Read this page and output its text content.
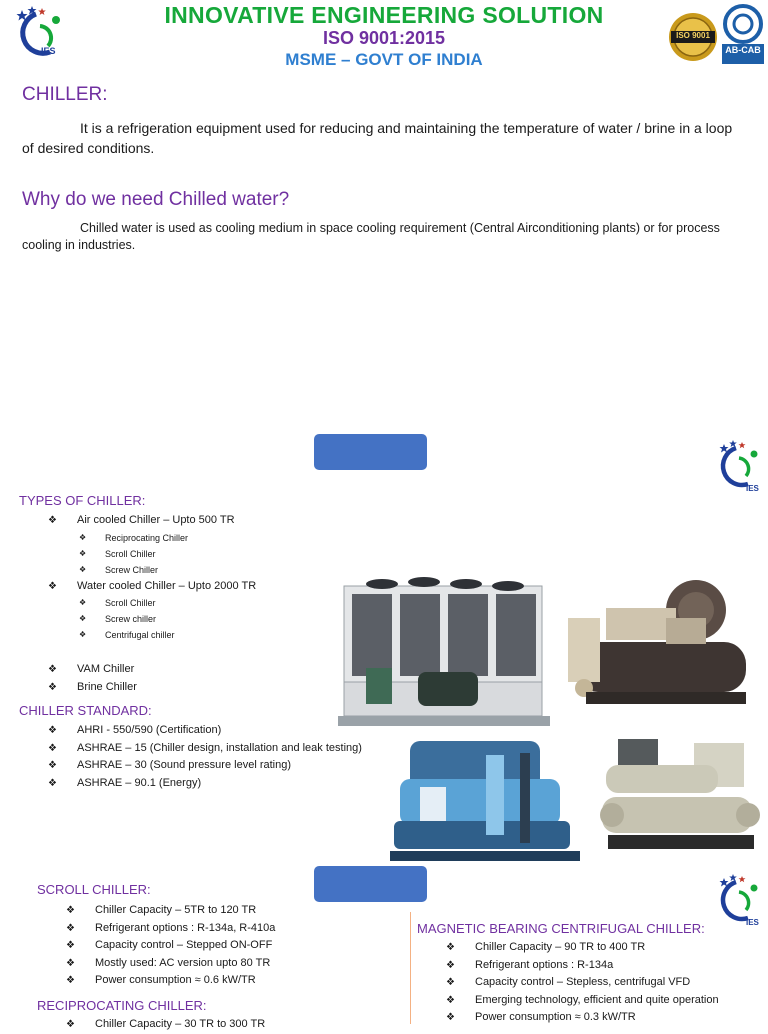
IES
INNOVATIVE ENGINEERING SOLUTION
ISO 9001:2015
MSME – GOVT OF INDIA
ISO 9001
AB-CAB
CHILLER:
It is a refrigeration equipment used for reducing and maintaining the temperature of water / brine in a loop of desired conditions.
Why do we need Chilled water?
Chilled water is used as cooling medium in space cooling requirement (Central Airconditioning plants) or for process cooling in industries.
IES
TYPES OF CHILLER:
❖ Air cooled Chiller – Upto 500 TR
❖ Reciprocating Chiller
❖ Scroll Chiller
❖ Screw Chiller
❖ Water cooled Chiller – Upto 2000 TR
❖ Scroll Chiller
❖ Screw chiller
❖ Centrifugal chiller
❖ VAM Chiller
❖ Brine Chiller
CHILLER STANDARD:
❖ AHRI - 550/590 (Certification)
❖ ASHRAE – 15 (Chiller design, installation and leak testing)
❖ ASHRAE – 30 (Sound pressure level rating)
❖ ASHRAE – 90.1 (Energy)
IES
SCROLL CHILLER:
❖ Chiller Capacity – 5TR to 120 TR
❖ Refrigerant options : R-134a, R-410a
❖ Capacity control – Stepped ON-OFF
❖ Mostly used: AC version upto 80 TR
❖ Power consumption ≈ 0.6 kW/TR
RECIPROCATING CHILLER:
❖ Chiller Capacity – 30 TR to 300 TR
MAGNETIC BEARING CENTRIFUGAL CHILLER:
❖ Chiller Capacity – 90 TR to 400 TR
❖ Refrigerant options : R-134a
❖ Capacity control – Stepless, centrifugal VFD
❖ Emerging technology, efficient and quite operation
❖ Power consumption ≈ 0.3 kW/TR
